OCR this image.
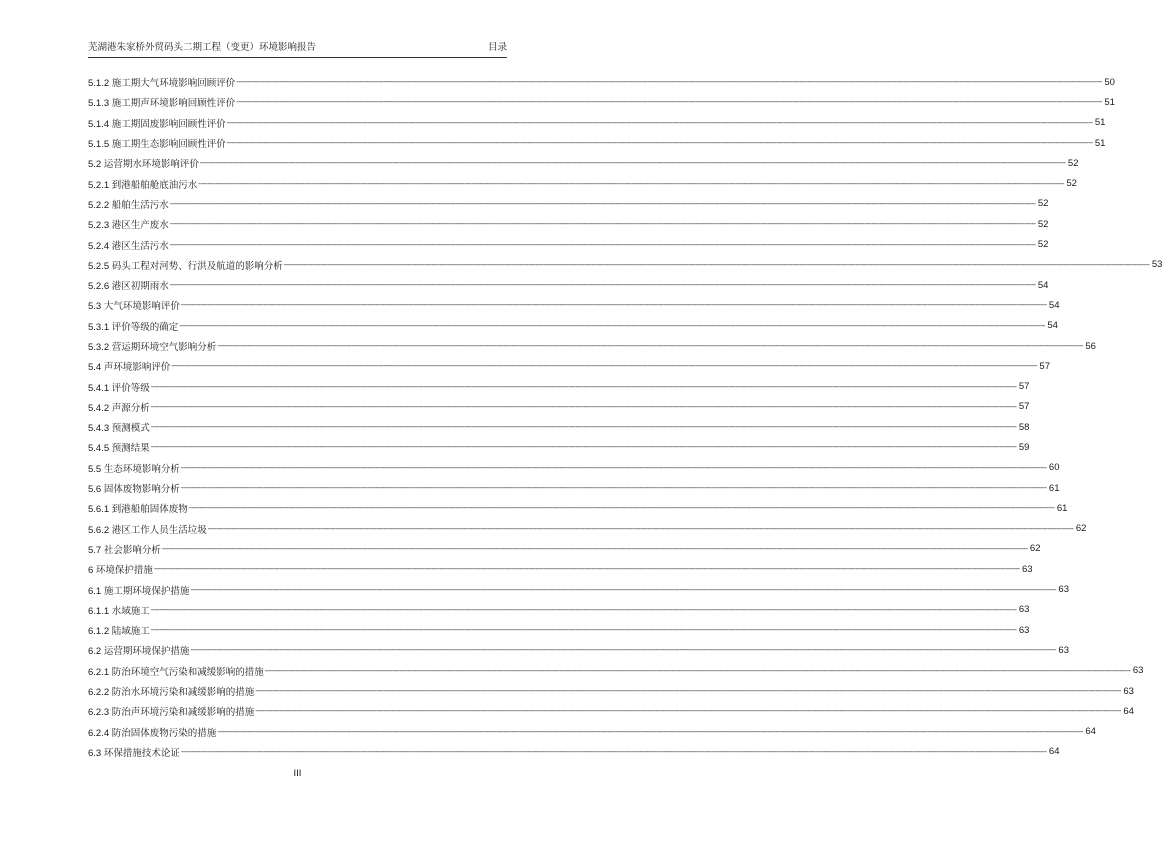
芜湖港朱家桥外贸码头二期工程（变更）环境影响报告	目录
5.1.2 施工期大气环境影响回顾评价 ---------------------------------------------------------------------------------------------------------------------------------------------------------------------------------------------------------------------------------------------------------------------------------------------------------------------------------------------------------------------------------------------------------------- 50
5.1.3 施工期声环境影响回顾性评价 ---------------------------------------------------------------------------------------------------------------------------------------------------------------------------------------------------------------------------------------------------------------------------------------------------------------------------------------------------------------------------------------------------------------- 51
5.1.4 施工期固废影响回顾性评价 ---------------------------------------------------------------------------------------------------------------------------------------------------------------------------------------------------------------------------------------------------------------------------------------------------------------------------------------------------------------------------------------------------------------- 51
5.1.5 施工期生态影响回顾性评价 ---------------------------------------------------------------------------------------------------------------------------------------------------------------------------------------------------------------------------------------------------------------------------------------------------------------------------------------------------------------------------------------------------------------- 51
5.2 运营期水环境影响评价 ---------------------------------------------------------------------------------------------------------------------------------------------------------------------------------------------------------------------------------------------------------------------------------------------------------------------------------------------------------------------------------------------------------------- 52
5.2.1 到港船舶舱底油污水 ---------------------------------------------------------------------------------------------------------------------------------------------------------------------------------------------------------------------------------------------------------------------------------------------------------------------------------------------------------------------------------------------------------------- 52
5.2.2 船舶生活污水 ---------------------------------------------------------------------------------------------------------------------------------------------------------------------------------------------------------------------------------------------------------------------------------------------------------------------------------------------------------------------------------------------------------------- 52
5.2.3 港区生产废水 ---------------------------------------------------------------------------------------------------------------------------------------------------------------------------------------------------------------------------------------------------------------------------------------------------------------------------------------------------------------------------------------------------------------- 52
5.2.4 港区生活污水 ---------------------------------------------------------------------------------------------------------------------------------------------------------------------------------------------------------------------------------------------------------------------------------------------------------------------------------------------------------------------------------------------------------------- 52
5.2.5 码头工程对河势、行洪及航道的影响分析 ---------------------------------------------------------------------------------------------------------------------------------------------------------------------------------------------------------------------------------------------------------------------------------------------------------------------------------------------------------------------------------------------------------------- 53
5.2.6 港区初期雨水 ---------------------------------------------------------------------------------------------------------------------------------------------------------------------------------------------------------------------------------------------------------------------------------------------------------------------------------------------------------------------------------------------------------------- 54
5.3 大气环境影响评价 ---------------------------------------------------------------------------------------------------------------------------------------------------------------------------------------------------------------------------------------------------------------------------------------------------------------------------------------------------------------------------------------------------------------- 54
5.3.1 评价等级的确定 ---------------------------------------------------------------------------------------------------------------------------------------------------------------------------------------------------------------------------------------------------------------------------------------------------------------------------------------------------------------------------------------------------------------- 54
5.3.2 营运期环境空气影响分析 ---------------------------------------------------------------------------------------------------------------------------------------------------------------------------------------------------------------------------------------------------------------------------------------------------------------------------------------------------------------------------------------------------------------- 56
5.4 声环境影响评价 ---------------------------------------------------------------------------------------------------------------------------------------------------------------------------------------------------------------------------------------------------------------------------------------------------------------------------------------------------------------------------------------------------------------- 57
5.4.1 评价等级 ---------------------------------------------------------------------------------------------------------------------------------------------------------------------------------------------------------------------------------------------------------------------------------------------------------------------------------------------------------------------------------------------------------------- 57
5.4.2 声源分析 ---------------------------------------------------------------------------------------------------------------------------------------------------------------------------------------------------------------------------------------------------------------------------------------------------------------------------------------------------------------------------------------------------------------- 57
5.4.3 预测模式 ---------------------------------------------------------------------------------------------------------------------------------------------------------------------------------------------------------------------------------------------------------------------------------------------------------------------------------------------------------------------------------------------------------------- 58
5.4.5 预测结果 ---------------------------------------------------------------------------------------------------------------------------------------------------------------------------------------------------------------------------------------------------------------------------------------------------------------------------------------------------------------------------------------------------------------- 59
5.5 生态环境影响分析 ---------------------------------------------------------------------------------------------------------------------------------------------------------------------------------------------------------------------------------------------------------------------------------------------------------------------------------------------------------------------------------------------------------------- 60
5.6 固体废物影响分析 ---------------------------------------------------------------------------------------------------------------------------------------------------------------------------------------------------------------------------------------------------------------------------------------------------------------------------------------------------------------------------------------------------------------- 61
5.6.1 到港船舶固体废物 ---------------------------------------------------------------------------------------------------------------------------------------------------------------------------------------------------------------------------------------------------------------------------------------------------------------------------------------------------------------------------------------------------------------- 61
5.6.2 港区工作人员生活垃圾 ---------------------------------------------------------------------------------------------------------------------------------------------------------------------------------------------------------------------------------------------------------------------------------------------------------------------------------------------------------------------------------------------------------------- 62
5.7 社会影响分析 ---------------------------------------------------------------------------------------------------------------------------------------------------------------------------------------------------------------------------------------------------------------------------------------------------------------------------------------------------------------------------------------------------------------- 62
6 环境保护措施 ---------------------------------------------------------------------------------------------------------------------------------------------------------------------------------------------------------------------------------------------------------------------------------------------------------------------------------------------------------------------------------------------------------------- 63
6.1 施工期环境保护措施 ---------------------------------------------------------------------------------------------------------------------------------------------------------------------------------------------------------------------------------------------------------------------------------------------------------------------------------------------------------------------------------------------------------------- 63
6.1.1 水域施工 ---------------------------------------------------------------------------------------------------------------------------------------------------------------------------------------------------------------------------------------------------------------------------------------------------------------------------------------------------------------------------------------------------------------- 63
6.1.2 陆域施工 ---------------------------------------------------------------------------------------------------------------------------------------------------------------------------------------------------------------------------------------------------------------------------------------------------------------------------------------------------------------------------------------------------------------- 63
6.2 运营期环境保护措施 ---------------------------------------------------------------------------------------------------------------------------------------------------------------------------------------------------------------------------------------------------------------------------------------------------------------------------------------------------------------------------------------------------------------- 63
6.2.1 防治环境空气污染和减缓影响的措施 ---------------------------------------------------------------------------------------------------------------------------------------------------------------------------------------------------------------------------------------------------------------------------------------------------------------------------------------------------------------------------------------------------------------- 63
6.2.2 防治水环境污染和减缓影响的措施 ---------------------------------------------------------------------------------------------------------------------------------------------------------------------------------------------------------------------------------------------------------------------------------------------------------------------------------------------------------------------------------------------------------------- 63
6.2.3 防治声环境污染和减缓影响的措施 ---------------------------------------------------------------------------------------------------------------------------------------------------------------------------------------------------------------------------------------------------------------------------------------------------------------------------------------------------------------------------------------------------------------- 64
6.2.4 防治固体废物污染的措施 ---------------------------------------------------------------------------------------------------------------------------------------------------------------------------------------------------------------------------------------------------------------------------------------------------------------------------------------------------------------------------------------------------------------- 64
6.3 环保措施技术论证 ---------------------------------------------------------------------------------------------------------------------------------------------------------------------------------------------------------------------------------------------------------------------------------------------------------------------------------------------------------------------------------------------------------------- 64
III
